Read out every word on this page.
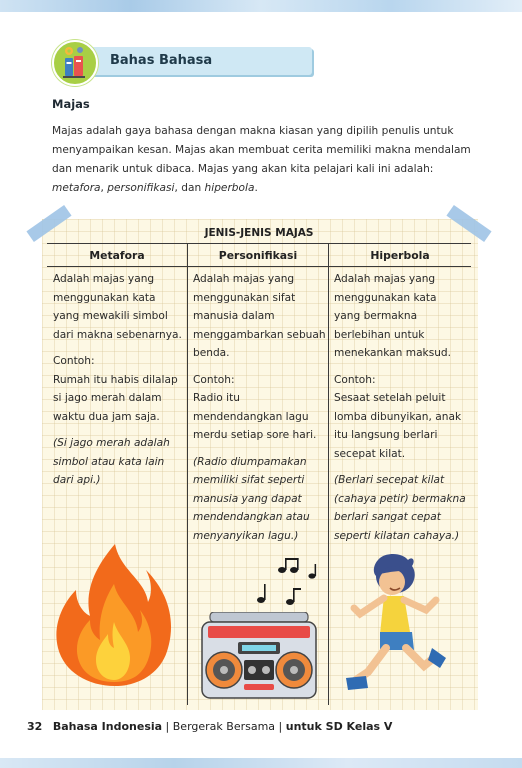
Bahas Bahasa
Majas
Majas adalah gaya bahasa dengan makna kiasan yang dipilih penulis untuk menyampaikan kesan. Majas akan membuat cerita memiliki makna mendalam dan menarik untuk dibaca. Majas yang akan kita pelajari kali ini adalah: metafora, personifikasi, dan hiperbola.
JENIS-JENIS MAJAS
Metafora	Personifikasi	Hiperbola

Adalah majas yang menggunakan kata yang mewakili simbol dari makna sebenarnya.

Contoh:

Rumah itu habis dilalap si jago merah dalam waktu dua jam saja.

(Si jago merah adalah simbol atau kata lain dari api.)

Adalah majas yang menggunakan sifat manusia dalam menggambarkan sebuah benda.

Contoh:

Radio itu mendendangkan lagu merdu setiap sore hari.

(Radio diumpamakan memiliki sifat seperti manusia yang dapat mendendangkan atau menyanyikan lagu.)

Adalah majas yang menggunakan kata yang bermakna berlebihan untuk menekankan maksud.

Contoh:

Sesaat setelah peluit lomba dibunyikan, anak itu langsung berlari secepat kilat.

(Berlari secepat kilat (cahaya petir) bermakna berlari sangat cepat seperti kilatan cahaya.)

32 Bahasa Indonesia | Bergerak Bersama | untuk SD Kelas V
